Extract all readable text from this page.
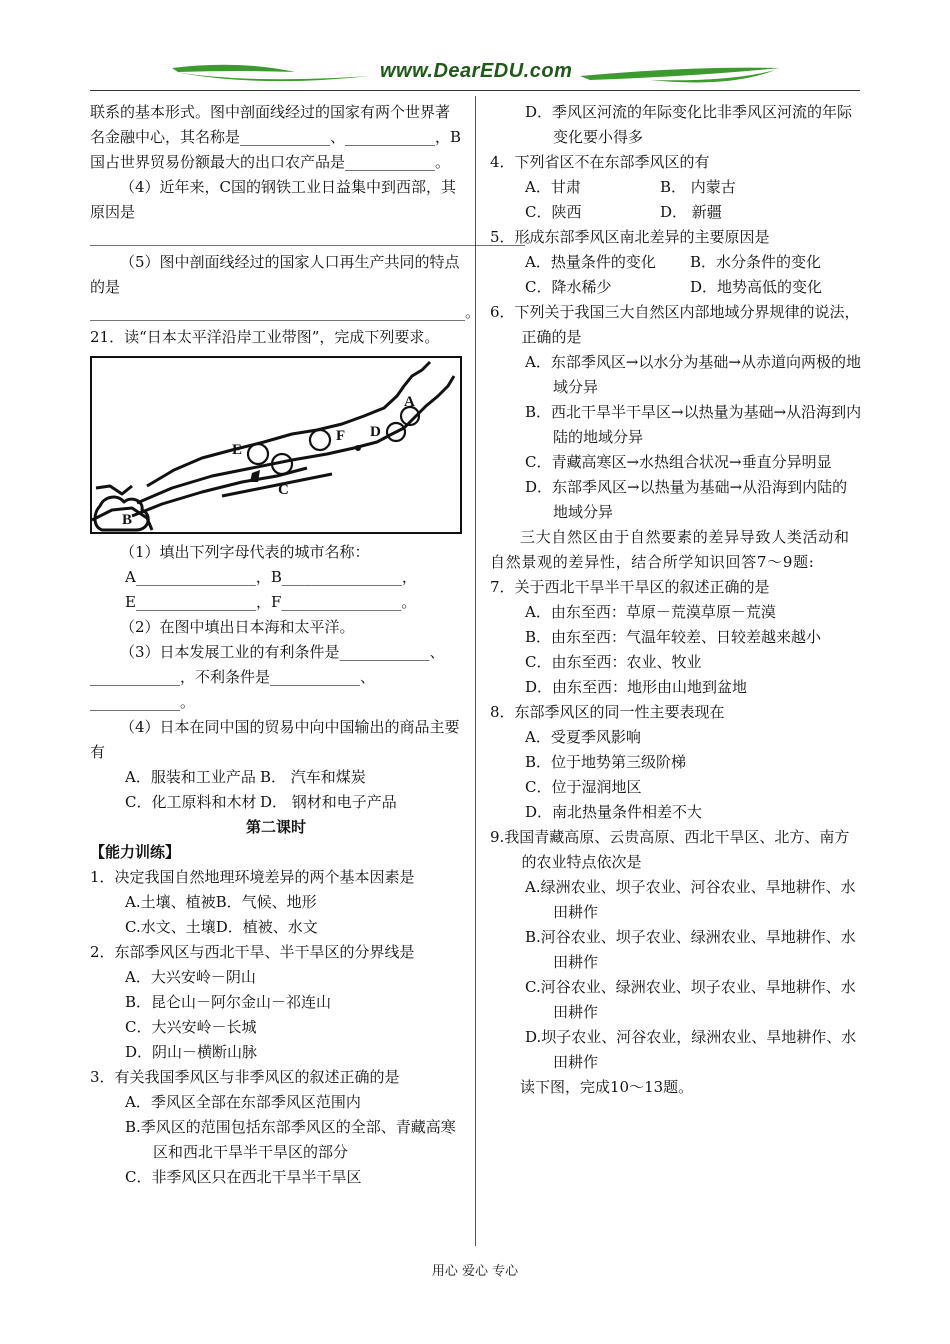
www.DearEDU.com

联系的基本形式。图中剖面线经过的国家有两个世界著名金融中心，其名称是____________、____________，B国占世界贸易份额最大的出口农产品是____________。

（4）近年来，C国的钢铁工业日益集中到西部，其原因是__________________________________________________________。

（5）图中剖面线经过的国家人口再生产共同的特点的是__________________________________________________。

21．读“日本太平洋沿岸工业带图”，完成下列要求。

A
B
C
D
E
F

（1）填出下列字母代表的城市名称：

A________________，B________________，

E________________，F________________。

（2）在图中填出日本海和太平洋。

（3）日本发展工业的有利条件是____________、____________，不利条件是____________、____________。

（4）日本在同中国的贸易中向中国输出的商品主要有

A．服装和工业产品 B． 汽车和煤炭
C．化工原料和木材 D． 钢材和电子产品

第二课时

【能力训练】

1．决定我国自然地理环境差异的两个基本因素是

A.土壤、植被B．气候、地形

C.水文、土壤D．植被、水文

2．东部季风区与西北干旱、半干旱区的分界线是

A．大兴安岭－阴山

B．昆仑山－阿尔金山－祁连山

C．大兴安岭－长城

D．阴山－横断山脉

3．有关我国季风区与非季风区的叙述正确的是

A．季风区全部在东部季风区范围内

B.季风区的范围包括东部季风区的全部、青藏高寒区和西北干旱半干旱区的部分

C．非季风区只在西北干旱半干旱区

D．季风区河流的年际变化比非季风区河流的年际变化要小得多

4．下列省区不在东部季风区的有

A．甘肃	B． 内蒙古
C．陕西	D． 新疆

5．形成东部季风区南北差异的主要原因是

A．热量条件的变化	B．水分条件的变化
C．降水稀少	D．地势高低的变化

6．下列关于我国三大自然区内部地域分界规律的说法，正确的是

A．东部季风区→以水分为基础→从赤道向两极的地域分异

B．西北干旱半干旱区→以热量为基础→从沿海到内陆的地域分异

C．青藏高寒区→水热组合状况→垂直分异明显

D．东部季风区→以热量为基础→从沿海到内陆的地域分异

三大自然区由于自然要素的差异导致人类活动和自然景观的差异性，结合所学知识回答7～9题:

7．关于西北干旱半干旱区的叙述正确的是

A．由东至西：草原－荒漠草原－荒漠

B．由东至西：气温年较差、日较差越来越小

C．由东至西：农业、牧业

D．由东至西：地形由山地到盆地

8．东部季风区的同一性主要表现在

A．受夏季风影响

B．位于地势第三级阶梯

C．位于湿润地区

D．南北热量条件相差不大

9.我国青藏高原、云贵高原、西北干旱区、北方、南方的农业特点依次是

A.绿洲农业、坝子农业、河谷农业、旱地耕作、水田耕作

B.河谷农业、坝子农业、绿洲农业、旱地耕作、水田耕作

C.河谷农业、绿洲农业、坝子农业、旱地耕作、水田耕作

D.坝子农业、河谷农业，绿洲农业、旱地耕作、水田耕作

读下图，完成10～13题。

用心 爱心 专心
